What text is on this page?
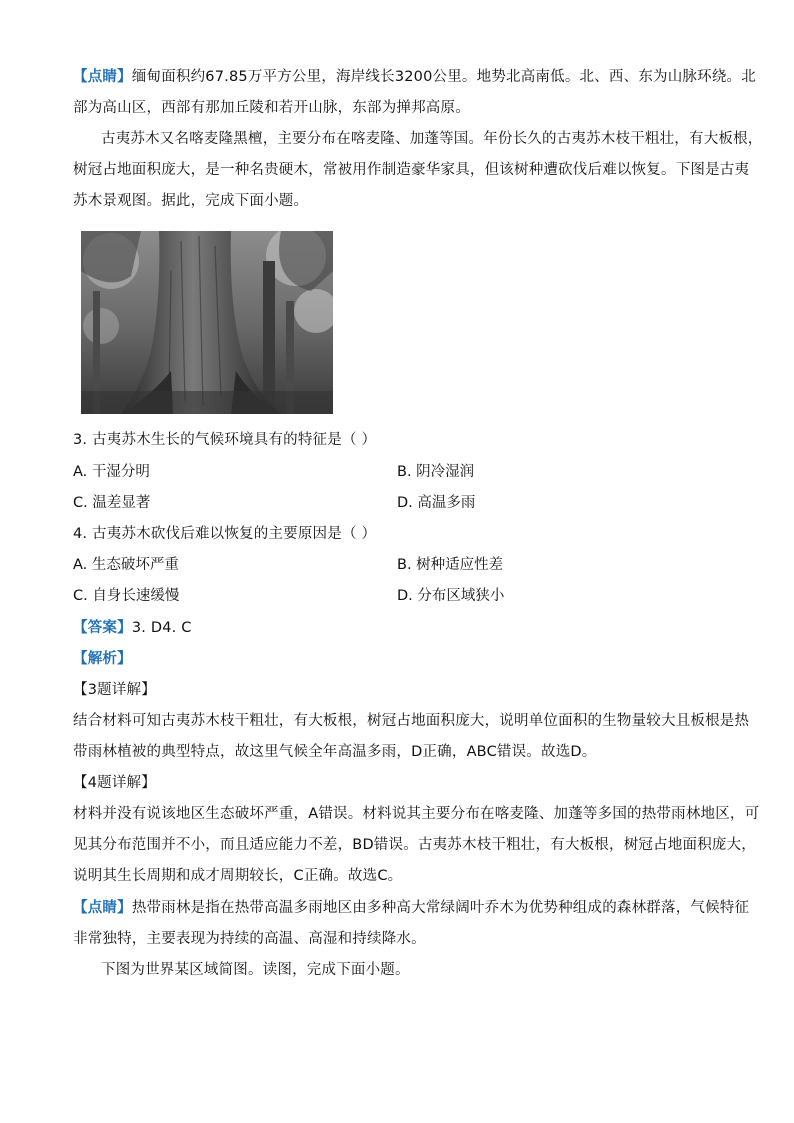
【点睛】缅甸面积约67.85万平方公里，海岸线长3200公里。地势北高南低。北、西、东为山脉环绕。北
部为高山区，西部有那加丘陵和若开山脉，东部为掸邦高原。
古夷苏木又名喀麦隆黑檀，主要分布在喀麦隆、加蓬等国。年份长久的古夷苏木枝干粗壮，有大板根，
树冠占地面积庞大，是一种名贵硬木，常被用作制造豪华家具，但该树种遭砍伐后难以恢复。下图是古夷
苏木景观图。据此，完成下面小题。
3. 古夷苏木生长的气候环境具有的特征是（ ）
A. 干湿分明	B. 阴冷湿润
C. 温差显著	D. 高温多雨
4. 古夷苏木砍伐后难以恢复的主要原因是（ ）
A. 生态破坏严重	B. 树种适应性差
C. 自身长速缓慢	D. 分布区域狭小
【答案】3. D4. C
【解析】
【3题详解】
结合材料可知古夷苏木枝干粗壮，有大板根，树冠占地面积庞大，说明单位面积的生物量较大且板根是热
带雨林植被的典型特点，故这里气候全年高温多雨，D正确，ABC错误。故选D。
【4题详解】
材料并没有说该地区生态破坏严重，A错误。材料说其主要分布在喀麦隆、加蓬等多国的热带雨林地区，可
见其分布范围并不小，而且适应能力不差，BD错误。古夷苏木枝干粗壮，有大板根，树冠占地面积庞大，
说明其生长周期和成才周期较长，C正确。故选C。
【点睛】热带雨林是指在热带高温多雨地区由多种高大常绿阔叶乔木为优势种组成的森林群落，气候特征
非常独特，主要表现为持续的高温、高湿和持续降水。
下图为世界某区域简图。读图，完成下面小题。
